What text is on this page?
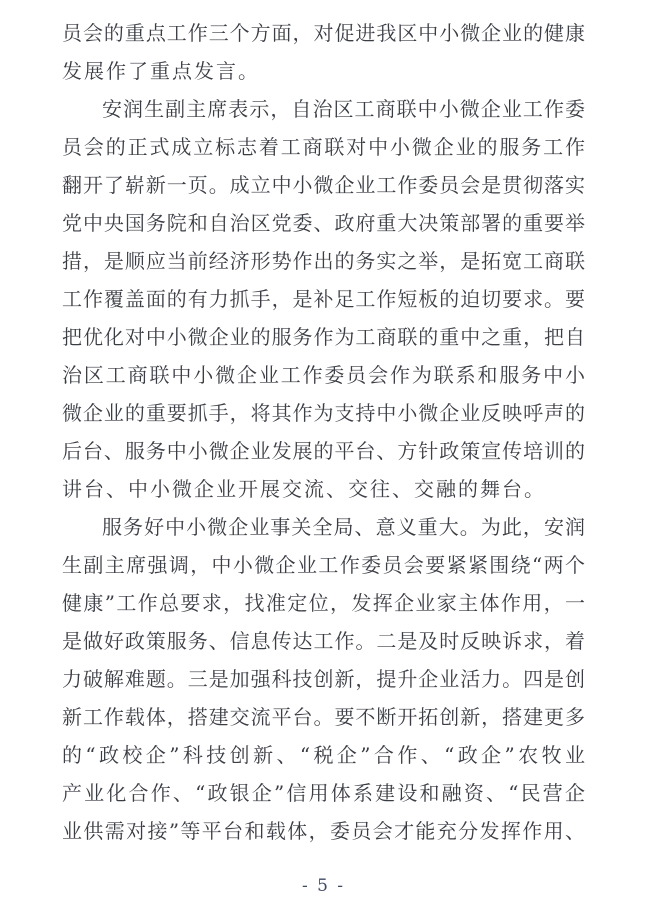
员会的重点工作三个方面，对促进我区中小微企业的健康
发展作了重点发言。
安润生副主席表示，自治区工商联中小微企业工作委
员会的正式成立标志着工商联对中小微企业的服务工作
翻开了崭新一页。成立中小微企业工作委员会是贯彻落实
党中央国务院和自治区党委、政府重大决策部署的重要举
措，是顺应当前经济形势作出的务实之举，是拓宽工商联
工作覆盖面的有力抓手，是补足工作短板的迫切要求。要
把优化对中小微企业的服务作为工商联的重中之重，把自
治区工商联中小微企业工作委员会作为联系和服务中小
微企业的重要抓手，将其作为支持中小微企业反映呼声的
后台、服务中小微企业发展的平台、方针政策宣传培训的
讲台、中小微企业开展交流、交往、交融的舞台。
服务好中小微企业事关全局、意义重大。为此，安润
生副主席强调，中小微企业工作委员会要紧紧围绕“两个
健康”工作总要求，找准定位，发挥企业家主体作用，一
是做好政策服务、信息传达工作。二是及时反映诉求，着
力破解难题。三是加强科技创新，提升企业活力。四是创
新工作载体，搭建交流平台。要不断开拓创新，搭建更多
的“政校企”科技创新、“税企”合作、“政企”农牧业
产业化合作、“政银企”信用体系建设和融资、“民营企
业供需对接”等平台和载体，委员会才能充分发挥作用、
- 5 -
